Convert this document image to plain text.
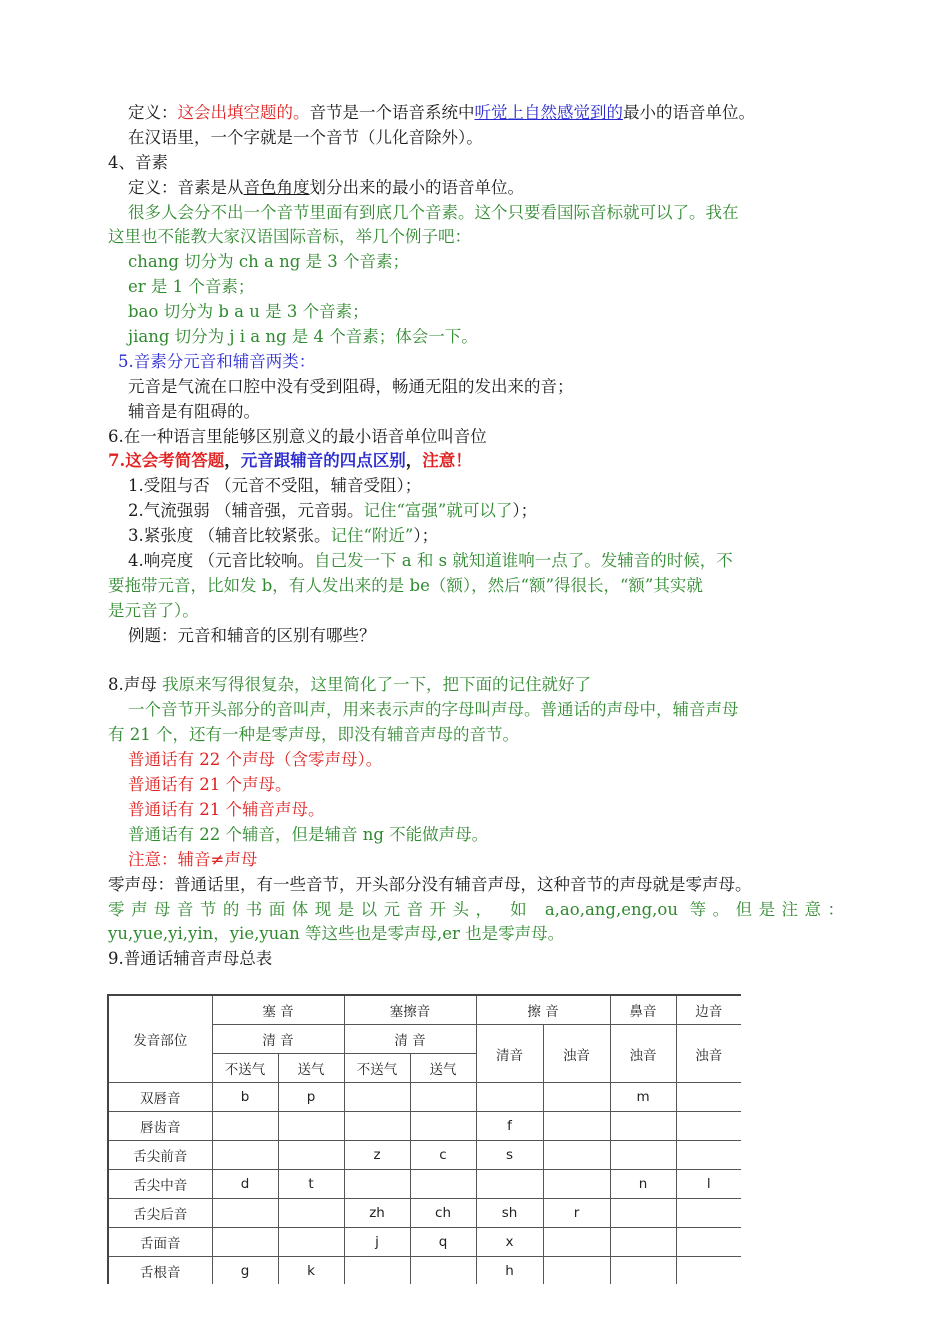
定义：这会出填空题的。音节是一个语音系统中听觉上自然感觉到的最小的语音单位。
在汉语里，一个字就是一个音节（儿化音除外）。
4、音素
定义：音素是从音色角度划分出来的最小的语音单位。
很多人会分不出一个音节里面有到底几个音素。这个只要看国际音标就可以了。我在
这里也不能教大家汉语国际音标，举几个例子吧：
chang 切分为 ch a ng 是 3 个音素；
er 是 1 个音素；
bao 切分为 b a u 是 3 个音素；
jiang 切分为 j i a ng 是 4 个音素；体会一下。
5.音素分元音和辅音两类：
元音是气流在口腔中没有受到阻碍，畅通无阻的发出来的音；
辅音是有阻碍的。
6.在一种语言里能够区别意义的最小语音单位叫音位
7.这会考简答题，元音跟辅音的四点区别，注意！
1.受阻与否 （元音不受阻，辅音受阻）；
2.气流强弱 （辅音强，元音弱。记住“富强”就可以了）；
3.紧张度 （辅音比较紧张。记住“附近”）；
4.响亮度 （元音比较响。自己发一下 a 和 s 就知道谁响一点了。发辅音的时候，不
要拖带元音，比如发 b，有人发出来的是 be（额），然后“额”得很长，“额”其实就
是元音了）。
例题：元音和辅音的区别有哪些？
8.声母 我原来写得很复杂，这里简化了一下，把下面的记住就好了
一个音节开头部分的音叫声，用来表示声的字母叫声母。普通话的声母中，辅音声母
有 21 个，还有一种是零声母，即没有辅音声母的音节。
普通话有 22 个声母（含零声母）。
普通话有 21 个声母。
普通话有 21 个辅音声母。
普通话有 22 个辅音，但是辅音 ng 不能做声母。
注意：辅音≠声母
零声母：普通话里，有一些音节，开头部分没有辅音声母，这种音节的声母就是零声母。
零声母音节的书面体现是以元音开头， 如 a,ao,ang,eng,ou 等。但是注意：
yu,yue,yi,yin，yie,yuan 等这些也是零声母,er 也是零声母。
9.普通话辅音声母总表
发音部位	塞 音		塞擦音		擦 音		鼻音	边音
	清 音		清 音		清音	浊音	浊音	浊音
	不送气	送气	不送气	送气				
双唇音	b	p					m	
唇齿音					f			
舌尖前音			z	c	s			
舌尖中音	d	t					n	l
舌尖后音			zh	ch	sh	r		
舌面音			j	q	x			
舌根音	g	k			h			
